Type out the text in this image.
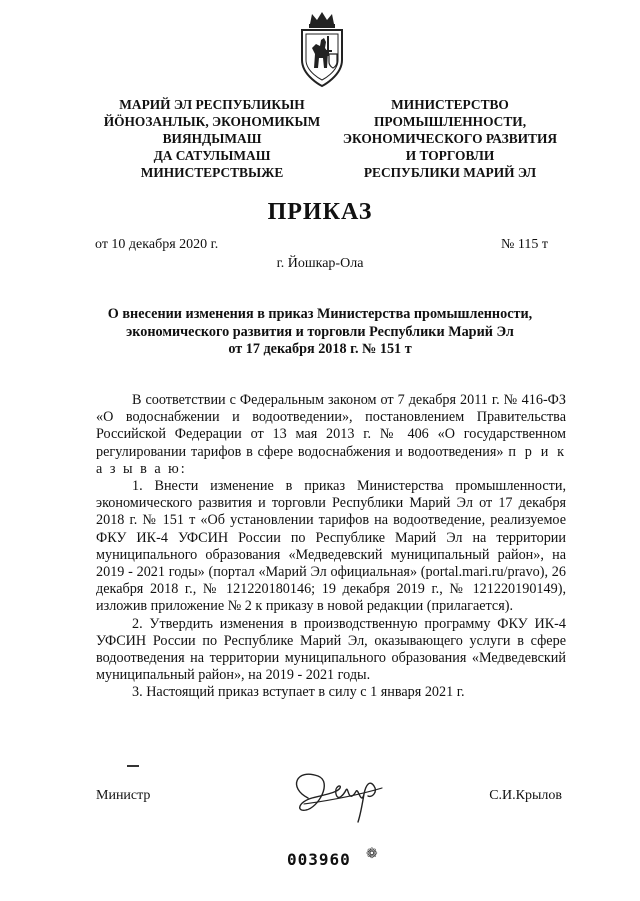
МАРИЙ ЭЛ РЕСПУБЛИКЫН
ЙӦНОЗАНЛЫК, ЭКОНОМИКЫМ
ВИЯНДЫМАШ
ДА САТУЛЫМАШ
МИНИСТЕРСТВЫЖЕ
МИНИСТЕРСТВО
ПРОМЫШЛЕННОСТИ,
ЭКОНОМИЧЕСКОГО РАЗВИТИЯ
И ТОРГОВЛИ
РЕСПУБЛИКИ МАРИЙ ЭЛ
ПРИКАЗ
от 10 декабря 2020 г.	№ 115 т
г. Йошкар-Ола
О внесении изменения в приказ Министерства промышленности,
экономического развития и торговли Республики Марий Эл
от 17 декабря 2018 г. № 151 т

В соответствии с Федеральным законом от 7 декабря 2011 г. № 416-ФЗ «О водоснабжении и водоотведении», постановлением Правительства Российской Федерации от 13 мая 2013 г. № 406 «О государственном регулировании тарифов в сфере водоснабжения и водоотведения» п р и к а з ы в а ю:

1. Внести изменение в приказ Министерства промышленности, экономического развития и торговли Республики Марий Эл от 17 декабря 2018 г. № 151 т «Об установлении тарифов на водоотведение, реализуемое ФКУ ИК-4 УФСИН России по Республике Марий Эл на территории муниципального образования «Медведевский муниципальный район», на 2019 - 2021 годы» (портал «Марий Эл официальная» (portal.mari.ru/pravo), 26 декабря 2018 г., № 121220180146; 19 декабря 2019 г., № 121220190149), изложив приложение № 2 к приказу в новой редакции (прилагается).

2. Утвердить изменения в производственную программу ФКУ ИК-4 УФСИН России по Республике Марий Эл, оказывающего услуги в сфере водоотведения на территории муниципального образования «Медведевский муниципальный район», на 2019 - 2021 годы.

3. Настоящий приказ вступает в силу с 1 января 2021 г.

Министр	С.И.Крылов
003960 ❁
